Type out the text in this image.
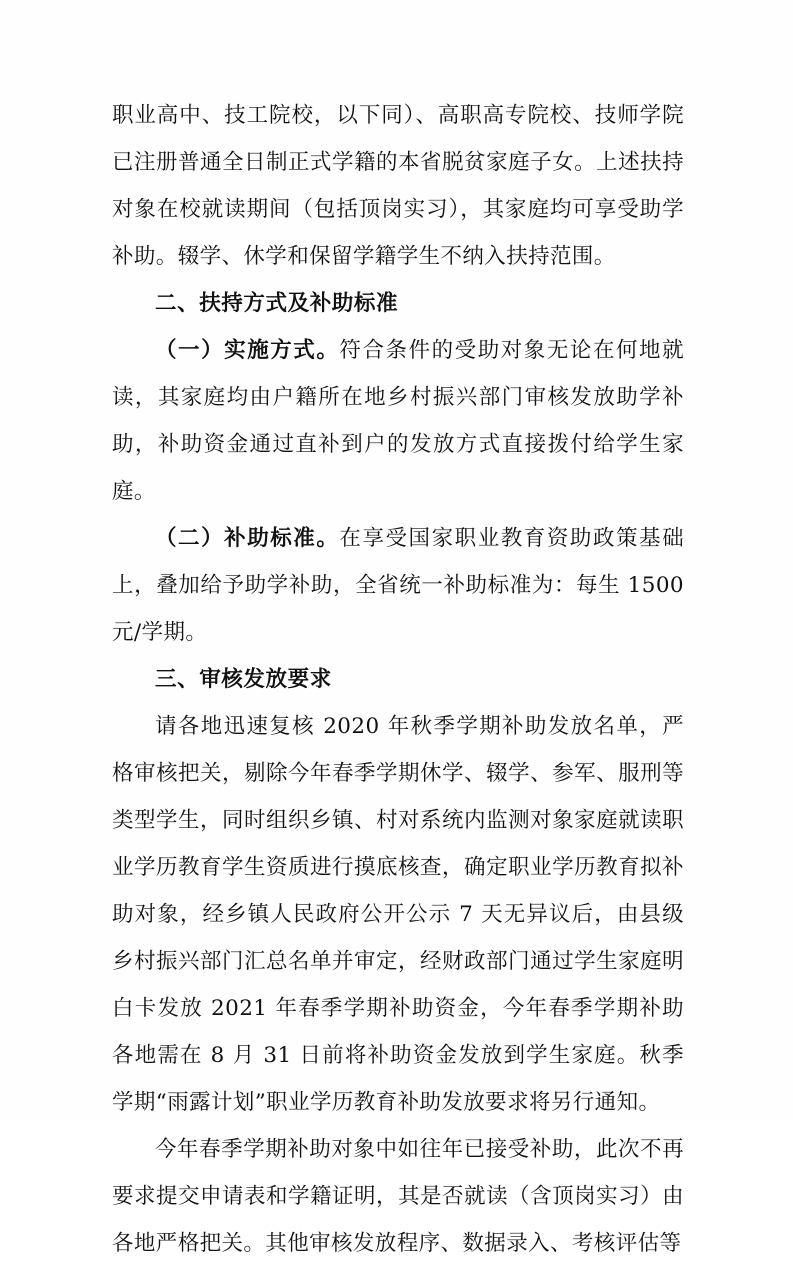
职业高中、技工院校，以下同）、高职高专院校、技师学院已注册普通全日制正式学籍的本省脱贫家庭子女。上述扶持对象在校就读期间（包括顶岗实习），其家庭均可享受助学补助。辍学、休学和保留学籍学生不纳入扶持范围。

二、扶持方式及补助标准

（一）实施方式。符合条件的受助对象无论在何地就读，其家庭均由户籍所在地乡村振兴部门审核发放助学补助，补助资金通过直补到户的发放方式直接拨付给学生家庭。

（二）补助标准。在享受国家职业教育资助政策基础上，叠加给予助学补助，全省统一补助标准为：每生 1500 元/学期。

三、审核发放要求

请各地迅速复核 2020 年秋季学期补助发放名单，严格审核把关，剔除今年春季学期休学、辍学、参军、服刑等类型学生，同时组织乡镇、村对系统内监测对象家庭就读职业学历教育学生资质进行摸底核查，确定职业学历教育拟补助对象，经乡镇人民政府公开公示 7 天无异议后，由县级乡村振兴部门汇总名单并审定，经财政部门通过学生家庭明白卡发放 2021 年春季学期补助资金，今年春季学期补助各地需在 8 月 31 日前将补助资金发放到学生家庭。秋季学期“雨露计划”职业学历教育补助发放要求将另行通知。

今年春季学期补助对象中如往年已接受补助，此次不再要求提交申请表和学籍证明，其是否就读（含顶岗实习）由各地严格把关。其他审核发放程序、数据录入、考核评估等
